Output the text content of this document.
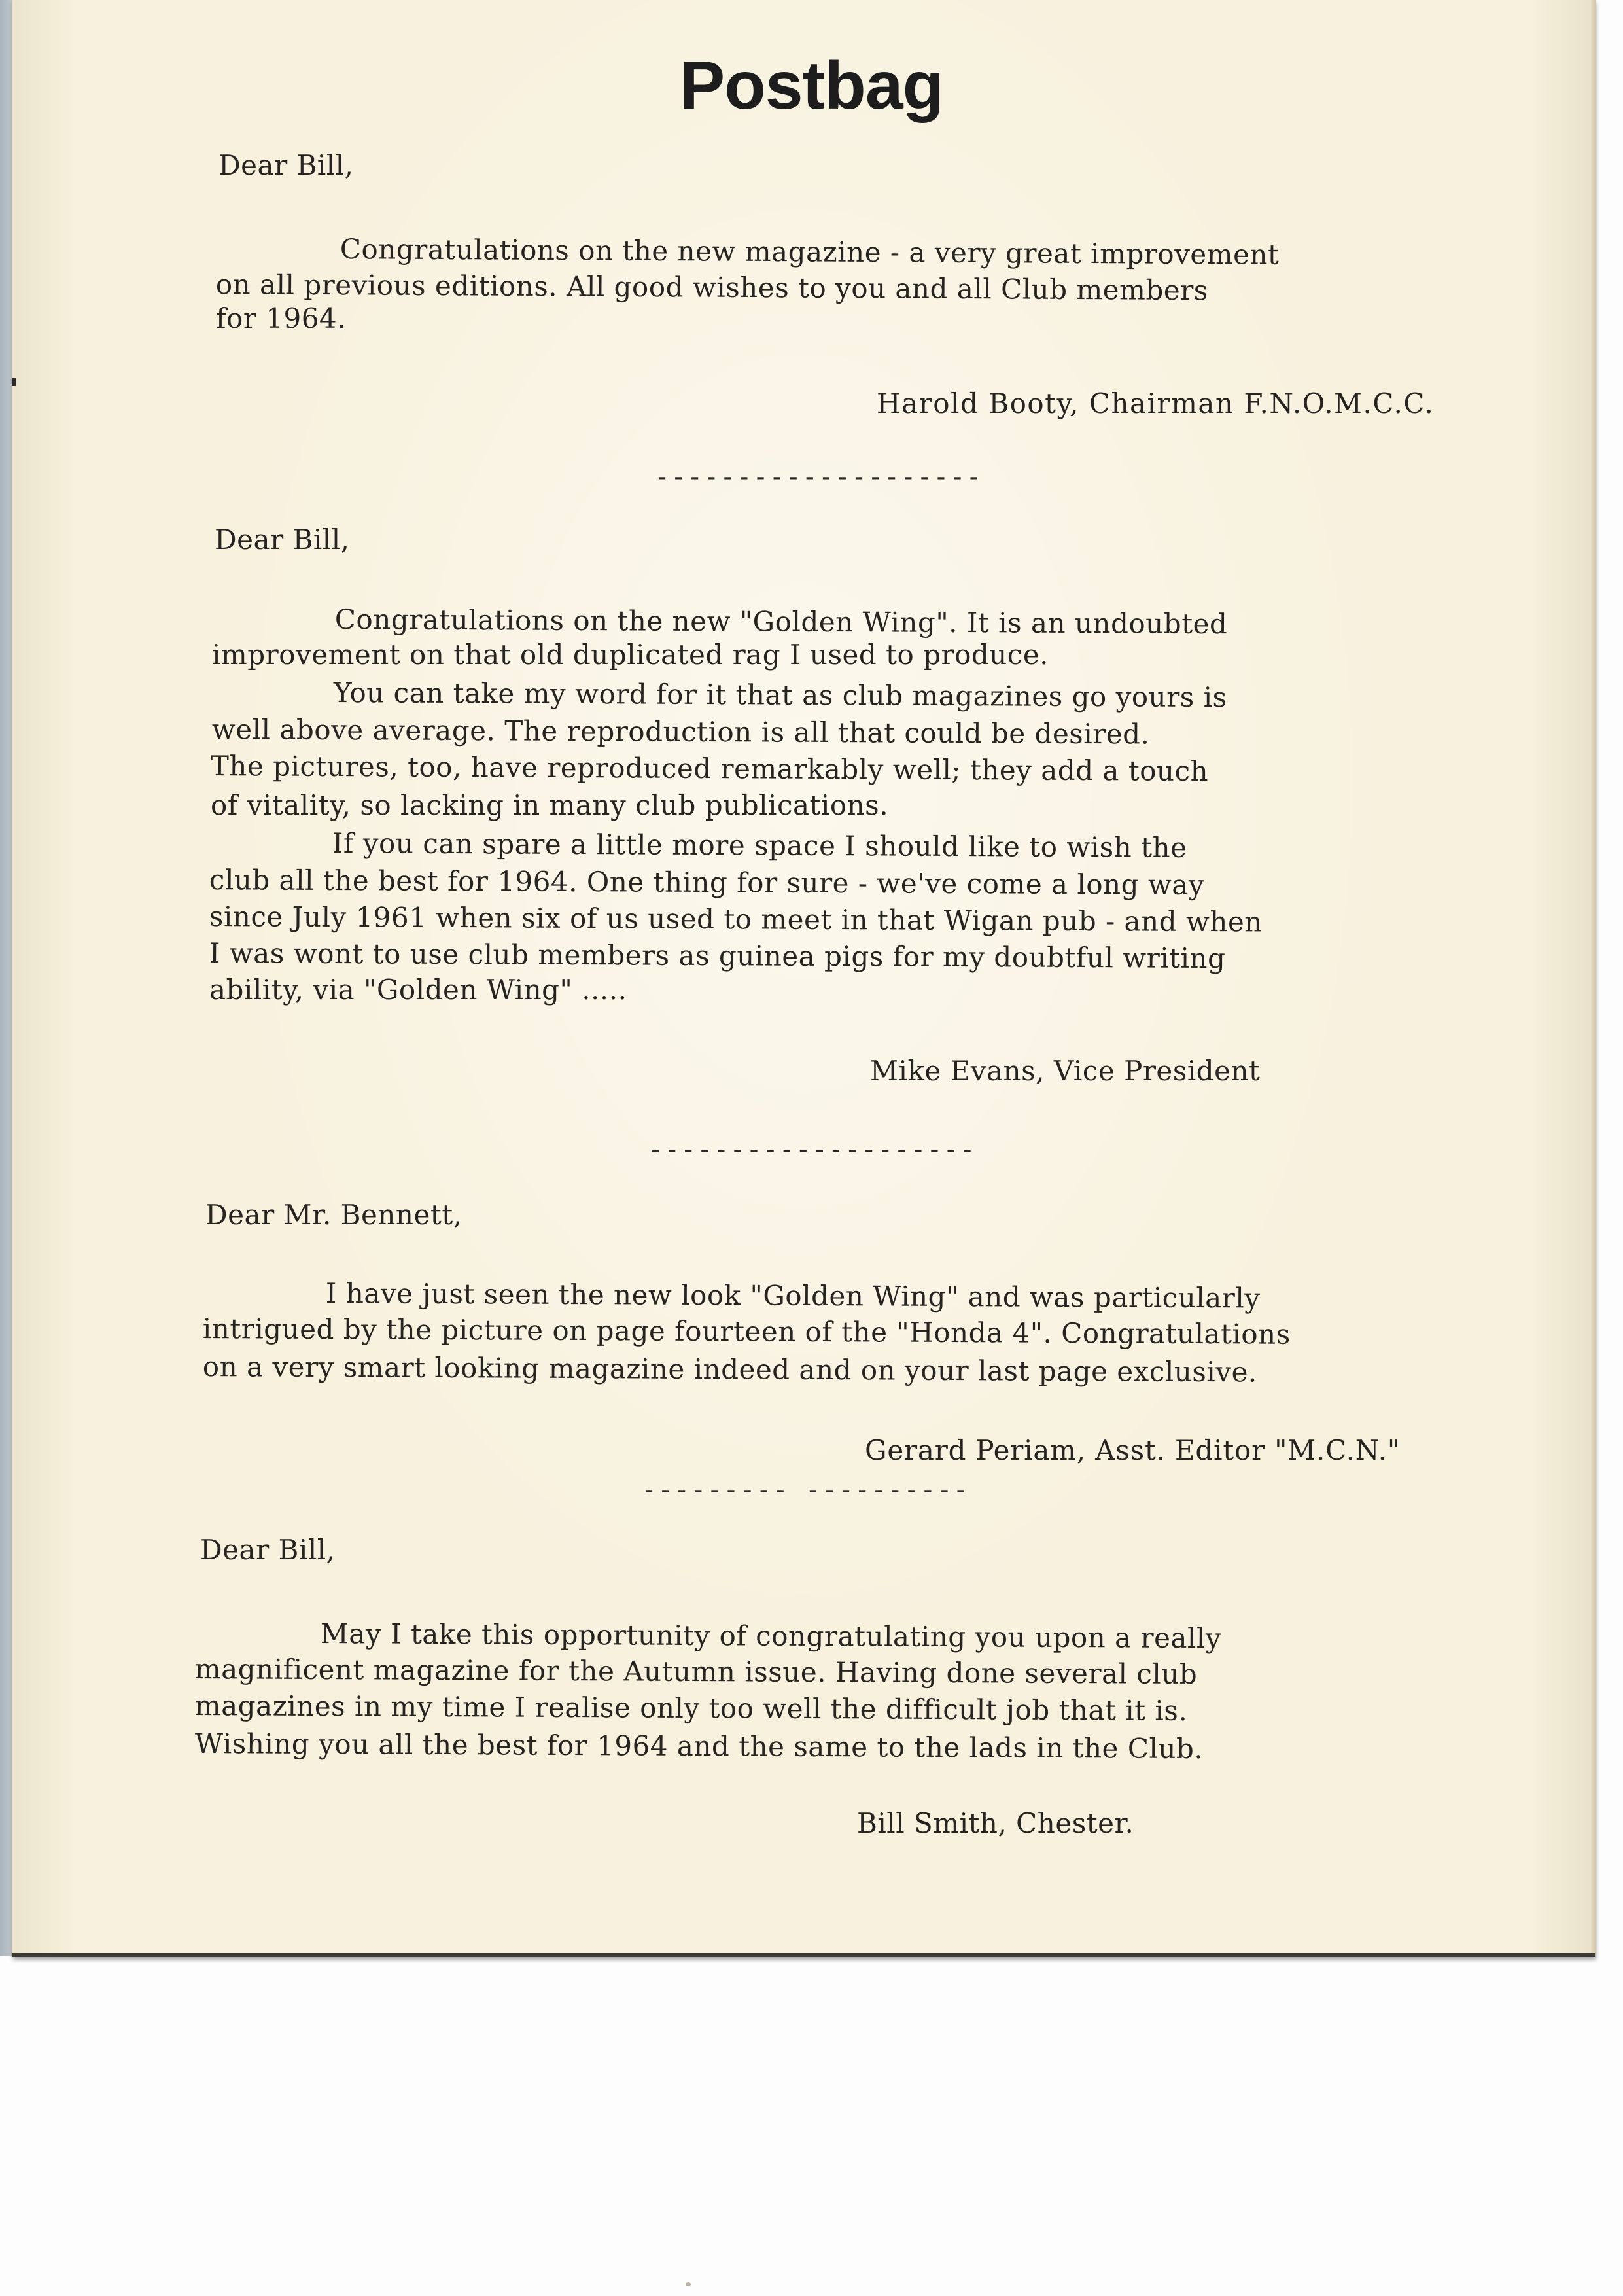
Postbag
Dear Bill,
Congratulations on the new magazine - a very great improvement
on all previous editions. All good wishes to you and all Club members
for 1964.
Harold Booty, Chairman F.N.O.M.C.C.
--------------------
Dear Bill,
Congratulations on the new "Golden Wing". It is an undoubted
improvement on that old duplicated rag I used to produce.
You can take my word for it that as club magazines go yours is
well above average. The reproduction is all that could be desired.
The pictures, too, have reproduced remarkably well; they add a touch
of vitality, so lacking in many club publications.
If you can spare a little more space I should like to wish the
club all the best for 1964. One thing for sure - we've come a long way
since July 1961 when six of us used to meet in that Wigan pub - and when
I was wont to use club members as guinea pigs for my doubtful writing
ability, via "Golden Wing" .....
Mike Evans, Vice President
--------------------
Dear Mr. Bennett,
I have just seen the new look "Golden Wing" and was particularly
intrigued by the picture on page fourteen of the "Honda 4". Congratulations
on a very smart looking magazine indeed and on your last page exclusive.
Gerard Periam, Asst. Editor "M.C.N."
--------- ----------
Dear Bill,
May I take this opportunity of congratulating you upon a really
magnificent magazine for the Autumn issue. Having done several club
magazines in my time I realise only too well the difficult job that it is.
Wishing you all the best for 1964 and the same to the lads in the Club.
Bill Smith, Chester.
